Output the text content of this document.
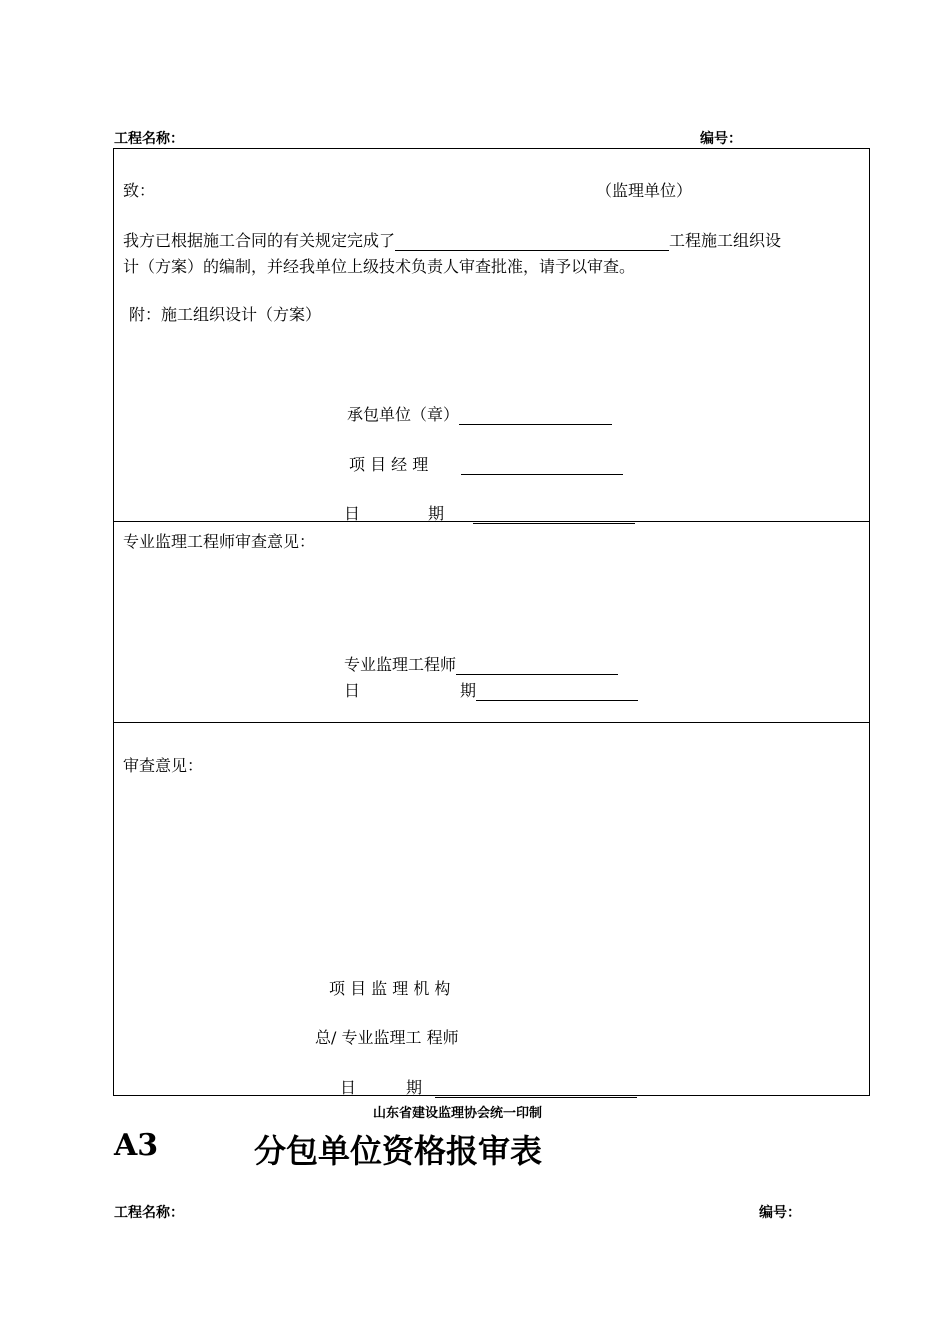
工程名称：	编号：
致：	（监理单位）
我方已根据施工合同的有关规定完成了	工程施工组织设
计（方案）的编制，并经我单位上级技术负责人审查批准，请予以审查。
附：施工组织设计（方案）
承包单位（章）
项 目 经 理
日	期
专业监理工程师审查意见：
专业监理工程师
日	期
审查意见：
项 目 监 理 机 构
总/ 专业监理工 程师
日	期
山东省建设监理协会统一印制
A3	分包单位资格报审表
工程名称：	编号：
